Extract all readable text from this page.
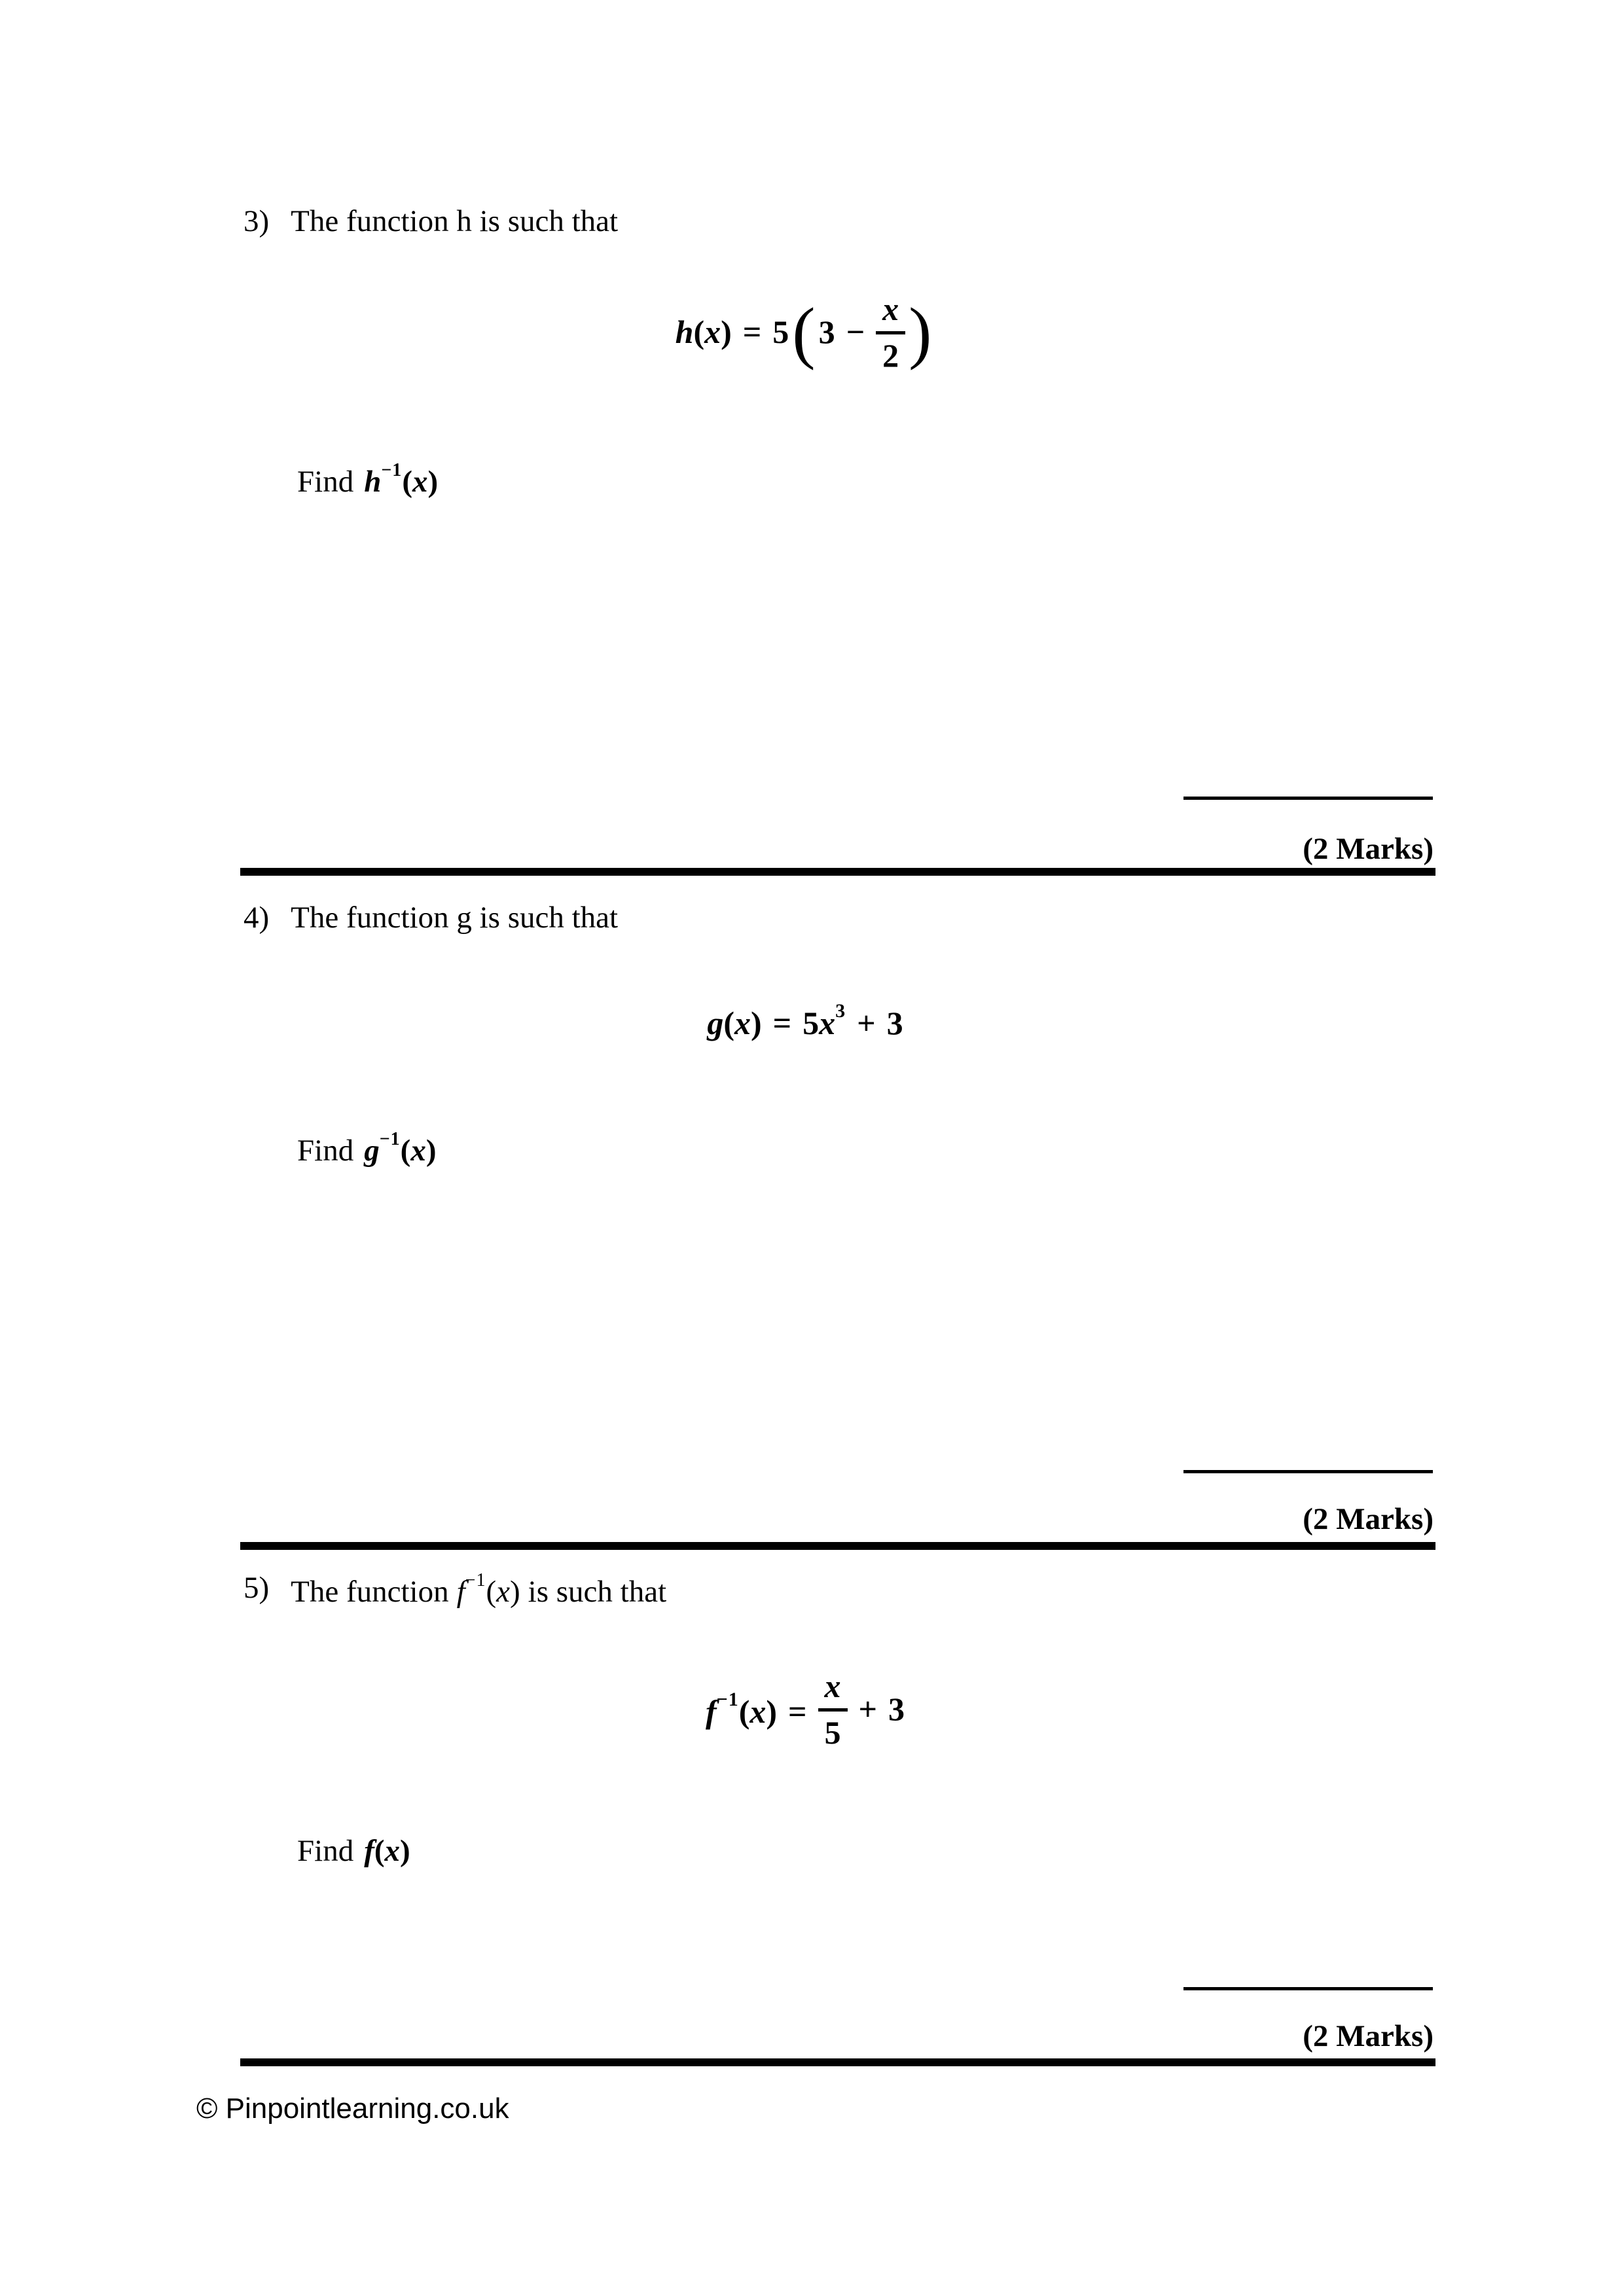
3) The function h is such that
h(x) = 5 ( $3 - \frac{x}{2}$ )
Find $h^{-1}(x)$
(2 Marks)
4) The function g is such that
$g(x) = 5x^3 + 3$
Find $g^{-1}(x)$
(2 Marks)
5) The function $f^{-1}(x)$ is such that
$f^{-1}(x) = \frac{x}{5} + 3$
Find f(x)
(2 Marks)
© Pinpointlearning.co.uk
